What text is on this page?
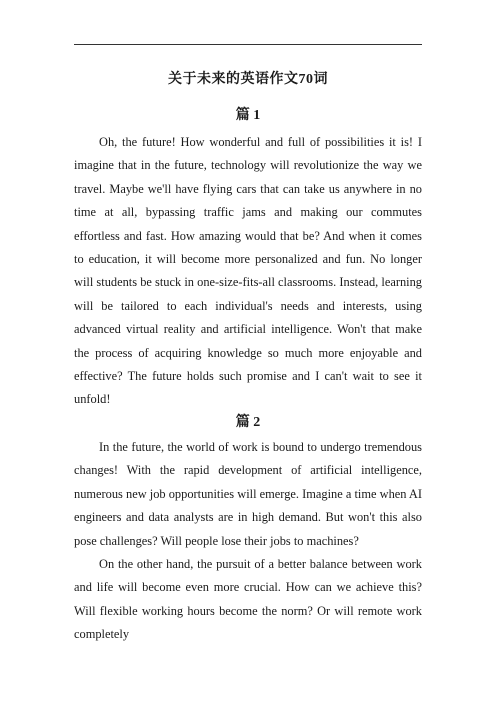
关于未来的英语作文70词
篇 1

Oh, the future! How wonderful and full of possibilities it is! I imagine that in the future, technology will revolutionize the way we travel. Maybe we'll have flying cars that can take us anywhere in no time at all, bypassing traffic jams and making our commutes effortless and fast. How amazing would that be? And when it comes to education, it will become more personalized and fun. No longer will students be stuck in one-size-fits-all classrooms. Instead, learning will be tailored to each individual's needs and interests, using advanced virtual reality and artificial intelligence. Won't that make the process of acquiring knowledge so much more enjoyable and effective? The future holds such promise and I can't wait to see it unfold!

篇 2

In the future, the world of work is bound to undergo tremendous changes! With the rapid development of artificial intelligence, numerous new job opportunities will emerge. Imagine a time when AI engineers and data analysts are in high demand. But won't this also pose challenges? Will people lose their jobs to machines?

On the other hand, the pursuit of a better balance between work and life will become even more crucial. How can we achieve this? Will flexible working hours become the norm? Or will remote work completely
